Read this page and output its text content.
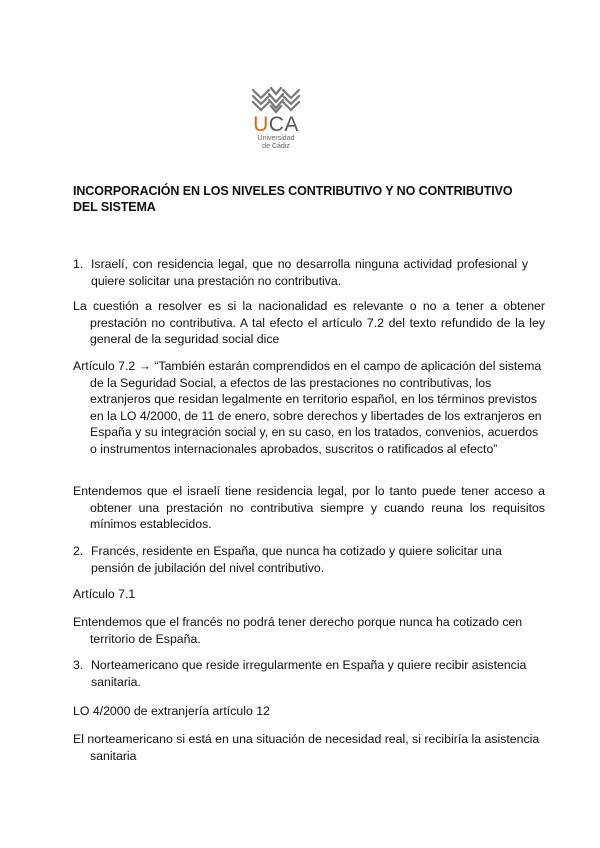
UCA
Universidad
de Cádiz
INCORPORACIÓN EN LOS NIVELES CONTRIBUTIVO Y NO CONTRIBUTIVO
DEL SISTEMA
1. Israelí, con residencia legal, que no desarrolla ninguna actividad profesional y quiere solicitar una prestación no contributiva.
La cuestión a resolver es si la nacionalidad es relevante o no a tener a obtener prestación no contributiva. A tal efecto el artículo 7.2 del texto refundido de la ley general de la seguridad social dice
Artículo 7.2 → “También estarán comprendidos en el campo de aplicación del sistema de la Seguridad Social, a efectos de las prestaciones no contributivas, los extranjeros que residan legalmente en territorio español, en los términos previstos en la LO 4/2000, de 11 de enero, sobre derechos y libertades de los extranjeros en España y su integración social y, en su caso, en los tratados, convenios, acuerdos o instrumentos internacionales aprobados, suscritos o ratificados al efecto”
Entendemos que el israelí tiene residencia legal, por lo tanto puede tener acceso a obtener una prestación no contributiva siempre y cuando reuna los requisitos mínimos establecidos.
2. Francés, residente en España, que nunca ha cotizado y quiere solicitar una pensión de jubilación del nivel contributivo.
Artículo 7.1
Entendemos que el francés no podrá tener derecho porque nunca ha cotizado cen territorio de España.
3. Norteamericano que reside irregularmente en España y quiere recibir asistencia sanitaria.
LO 4/2000 de extranjería artículo 12
El norteamericano si está en una situación de necesidad real, si recibiría la asistencia sanitaria
